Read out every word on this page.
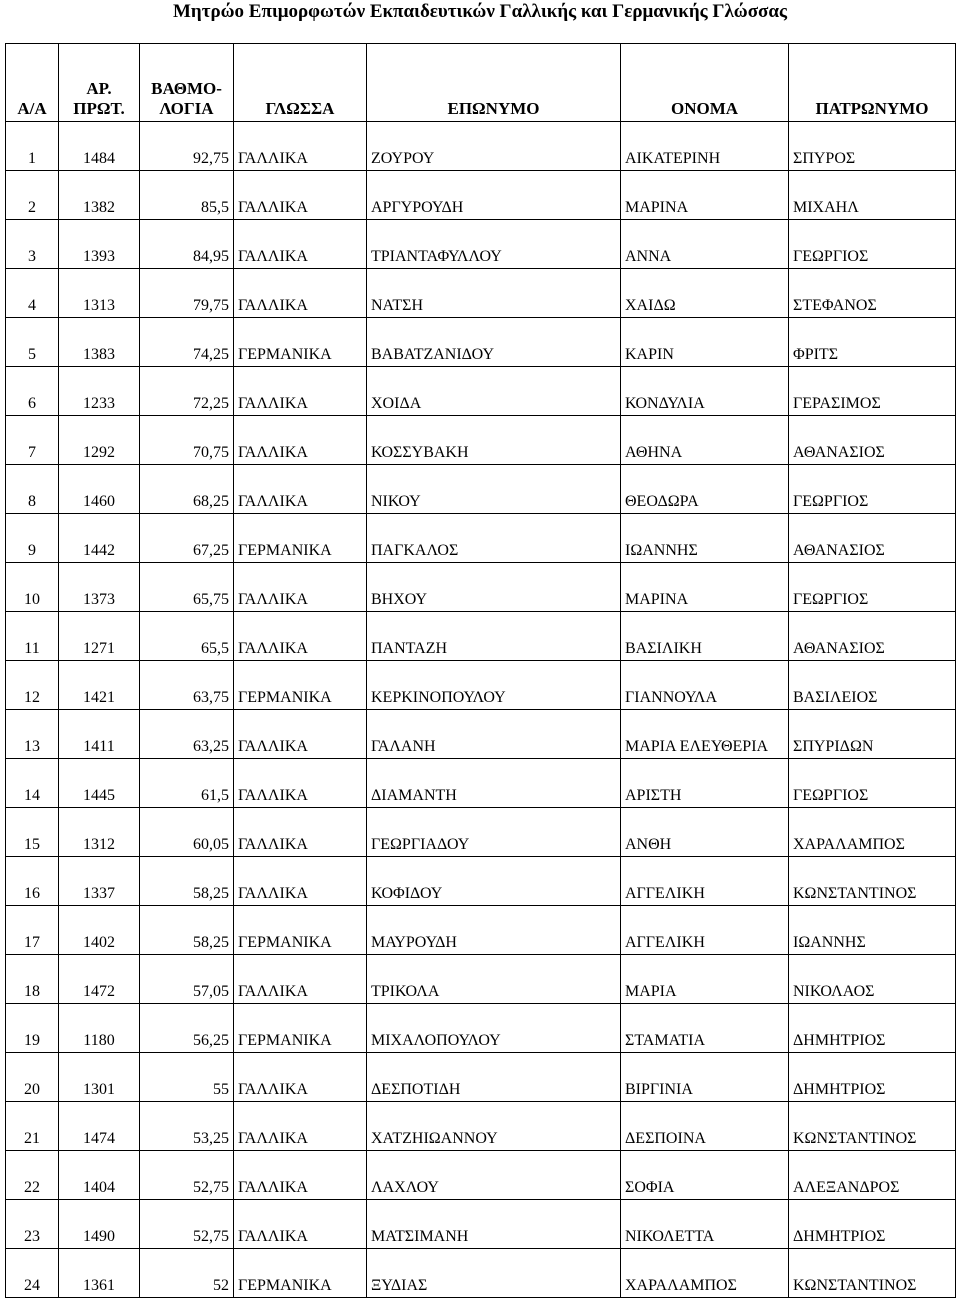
Μητρώο Επιμορφωτών Εκπαιδευτικών Γαλλικής και Γερμανικής Γλώσσας
Α/Α	ΑΡ. ΠΡΩΤ.	ΒΑΘΜΟ-ΛΟΓΙΑ	ΓΛΩΣΣΑ	ΕΠΩΝΥΜΟ	ΟΝΟΜΑ	ΠΑΤΡΩΝΥΜΟ
1	1484	92,75	ΓΑΛΛΙΚΑ	ΖΟΥΡΟΥ	ΑΙΚΑΤΕΡΙΝΗ	ΣΠΥΡΟΣ
2	1382	85,5	ΓΑΛΛΙΚΑ	ΑΡΓΥΡΟΥΔΗ	ΜΑΡΙΝΑ	ΜΙΧΑΗΛ
3	1393	84,95	ΓΑΛΛΙΚΑ	ΤΡΙΑΝΤΑΦΥΛΛΟΥ	ΑΝΝΑ	ΓΕΩΡΓΙΟΣ
4	1313	79,75	ΓΑΛΛΙΚΑ	ΝΑΤΣΗ	ΧΑΙΔΩ	ΣΤΕΦΑΝΟΣ
5	1383	74,25	ΓΕΡΜΑΝΙΚΑ	ΒΑΒΑΤΖΑΝΙΔΟΥ	ΚΑΡΙΝ	ΦΡΙΤΣ
6	1233	72,25	ΓΑΛΛΙΚΑ	ΧΟΙΔΑ	ΚΟΝΔΥΛΙΑ	ΓΕΡΑΣΙΜΟΣ
7	1292	70,75	ΓΑΛΛΙΚΑ	ΚΟΣΣΥΒΑΚΗ	ΑΘΗΝΑ	ΑΘΑΝΑΣΙΟΣ
8	1460	68,25	ΓΑΛΛΙΚΑ	ΝΙΚΟΥ	ΘΕΟΔΩΡΑ	ΓΕΩΡΓΙΟΣ
9	1442	67,25	ΓΕΡΜΑΝΙΚΑ	ΠΑΓΚΑΛΟΣ	ΙΩΑΝΝΗΣ	ΑΘΑΝΑΣΙΟΣ
10	1373	65,75	ΓΑΛΛΙΚΑ	ΒΗΧΟΥ	ΜΑΡΙΝΑ	ΓΕΩΡΓΙΟΣ
11	1271	65,5	ΓΑΛΛΙΚΑ	ΠΑΝΤΑΖΗ	ΒΑΣΙΛΙΚΗ	ΑΘΑΝΑΣΙΟΣ
12	1421	63,75	ΓΕΡΜΑΝΙΚΑ	ΚΕΡΚΙΝΟΠΟΥΛΟΥ	ΓΙΑΝΝΟΥΛΑ	ΒΑΣΙΛΕΙΟΣ
13	1411	63,25	ΓΑΛΛΙΚΑ	ΓΑΛΑΝΗ	ΜΑΡΙΑ ΕΛΕΥΘΕΡΙΑ	ΣΠΥΡΙΔΩΝ
14	1445	61,5	ΓΑΛΛΙΚΑ	ΔΙΑΜΑΝΤΗ	ΑΡΙΣΤΗ	ΓΕΩΡΓΙΟΣ
15	1312	60,05	ΓΑΛΛΙΚΑ	ΓΕΩΡΓΙΑΔΟΥ	ΑΝΘΗ	ΧΑΡΑΛΑΜΠΟΣ
16	1337	58,25	ΓΑΛΛΙΚΑ	ΚΟΦΙΔΟΥ	ΑΓΓΕΛΙΚΗ	ΚΩΝΣΤΑΝΤΙΝΟΣ
17	1402	58,25	ΓΕΡΜΑΝΙΚΑ	ΜΑΥΡΟΥΔΗ	ΑΓΓΕΛΙΚΗ	ΙΩΑΝΝΗΣ
18	1472	57,05	ΓΑΛΛΙΚΑ	ΤΡΙΚΟΛΑ	ΜΑΡΙΑ	ΝΙΚΟΛΑΟΣ
19	1180	56,25	ΓΕΡΜΑΝΙΚΑ	ΜΙΧΑΛΟΠΟΥΛΟΥ	ΣΤΑΜΑΤΙΑ	ΔΗΜΗΤΡΙΟΣ
20	1301	55	ΓΑΛΛΙΚΑ	ΔΕΣΠΟΤΙΔΗ	ΒΙΡΓΙΝΙΑ	ΔΗΜΗΤΡΙΟΣ
21	1474	53,25	ΓΑΛΛΙΚΑ	ΧΑΤΖΗΙΩΑΝΝΟΥ	ΔΕΣΠΟΙΝΑ	ΚΩΝΣΤΑΝΤΙΝΟΣ
22	1404	52,75	ΓΑΛΛΙΚΑ	ΛΑΧΛΟΥ	ΣΟΦΙΑ	ΑΛΕΞΑΝΔΡΟΣ
23	1490	52,75	ΓΑΛΛΙΚΑ	ΜΑΤΣΙΜΑΝΗ	ΝΙΚΟΛΕΤΤΑ	ΔΗΜΗΤΡΙΟΣ
24	1361	52	ΓΕΡΜΑΝΙΚΑ	ΞΥΔΙΑΣ	ΧΑΡΑΛΑΜΠΟΣ	ΚΩΝΣΤΑΝΤΙΝΟΣ
